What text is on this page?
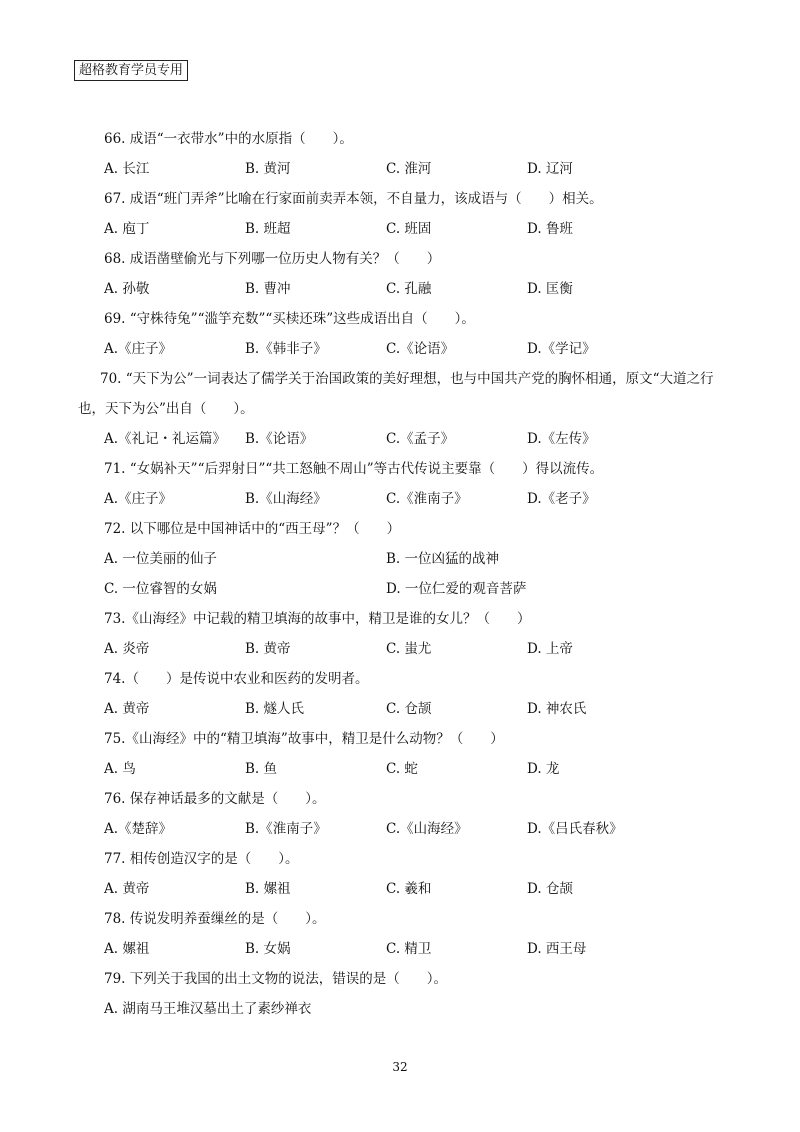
超格教育学员专用
66. 成语“一衣带水”中的水原指（　　）。
A. 长江	B. 黄河	C. 淮河	D. 辽河
67. 成语“班门弄斧”比喻在行家面前卖弄本领，不自量力，该成语与（　　）相关。
A. 庖丁	B. 班超	C. 班固	D. 鲁班
68. 成语凿壁偷光与下列哪一位历史人物有关？（　　）
A. 孙敬	B. 曹冲	C. 孔融	D. 匡衡
69. “守株待兔”“滥竽充数”“买椟还珠”这些成语出自（　　）。
A.《庄子》	B.《韩非子》	C.《论语》	D.《学记》
70. “天下为公”一词表达了儒学关于治国政策的美好理想，也与中国共产党的胸怀相通，原文“大道之行
也，天下为公”出自（　　）。
A.《礼记・礼运篇》	B.《论语》	C.《孟子》	D.《左传》
71. “女娲补天”“后羿射日”“共工怒触不周山”等古代传说主要靠（　　）得以流传。
A.《庄子》	B.《山海经》	C.《淮南子》	D.《老子》
72. 以下哪位是中国神话中的“西王母”？（　　）
A. 一位美丽的仙子	B. 一位凶猛的战神
C. 一位睿智的女娲	D. 一位仁爱的观音菩萨
73.《山海经》中记载的精卫填海的故事中，精卫是谁的女儿？（　　）
A. 炎帝	B. 黄帝	C. 蚩尤	D. 上帝
74.（　　）是传说中农业和医药的发明者。
A. 黄帝	B. 燧人氏	C. 仓颉	D. 神农氏
75.《山海经》中的“精卫填海”故事中，精卫是什么动物？（　　）
A. 鸟	B. 鱼	C. 蛇	D. 龙
76. 保存神话最多的文献是（　　）。
A.《楚辞》	B.《淮南子》	C.《山海经》	D.《吕氏春秋》
77. 相传创造汉字的是（　　）。
A. 黄帝	B. 嫘祖	C. 羲和	D. 仓颉
78. 传说发明养蚕缫丝的是（　　）。
A. 嫘祖	B. 女娲	C. 精卫	D. 西王母
79. 下列关于我国的出土文物的说法，错误的是（　　）。
A. 湖南马王堆汉墓出土了素纱禅衣
32
